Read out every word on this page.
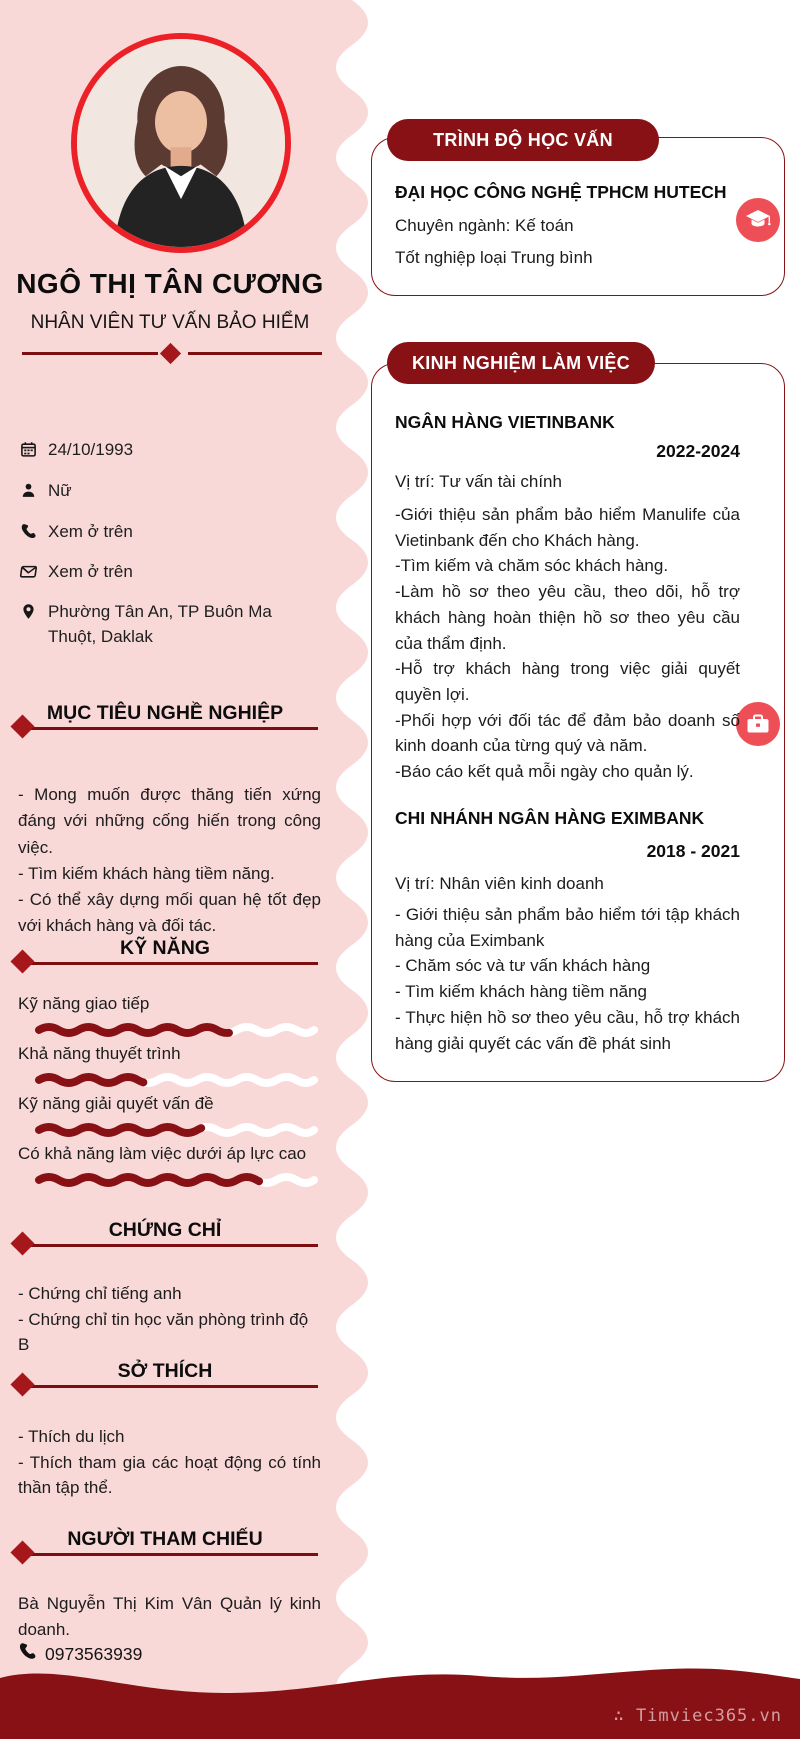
NGÔ THỊ TÂN CƯƠNG
NHÂN VIÊN TƯ VẤN BẢO HIỂM
24/10/1993
Nữ
Xem ở trên
Xem ở trên
Phường Tân An, TP Buôn Ma Thuột, Daklak
MỤC TIÊU NGHỀ NGHIỆP
- Mong muốn được thăng tiến xứng đáng với những cống hiến trong công việc.
- Tìm kiếm khách hàng tiềm năng.
- Có thể xây dựng mối quan hệ tốt đẹp với khách hàng và đối tác.
KỸ NĂNG
Kỹ năng giao tiếp
Khả năng thuyết trình
Kỹ năng giải quyết vấn đề
Có khả năng làm việc dưới áp lực cao
CHỨNG CHỈ
- Chứng chỉ tiếng anh
- Chứng chỉ tin học văn phòng trình độ B
SỞ THÍCH
- Thích du lịch
- Thích tham gia các hoạt động có tính thần tập thể.
NGƯỜI THAM CHIẾU
Bà Nguyễn Thị Kim Vân Quản lý kinh doanh.
0973563939
TRÌNH ĐỘ HỌC VẤN
ĐẠI HỌC CÔNG NGHỆ TPHCM HUTECH
Chuyên ngành: Kế toán
Tốt nghiệp loại Trung bình
KINH NGHIỆM LÀM VIỆC
NGÂN HÀNG VIETINBANK
2022-2024
Vị trí: Tư vấn tài chính
-Giới thiệu sản phẩm bảo hiểm Manulife của Vietinbank đến cho Khách hàng.
-Tìm kiếm và chăm sóc khách hàng.
-Làm hồ sơ theo yêu cầu, theo dõi, hỗ trợ khách hàng hoàn thiện hồ sơ theo yêu cầu của thẩm định.
-Hỗ trợ khách hàng trong việc giải quyết quyền lợi.
-Phối hợp với đối tác để đảm bảo doanh số kinh doanh của từng quý và năm.
-Báo cáo kết quả mỗi ngày cho quản lý.
CHI NHÁNH NGÂN HÀNG EXIMBANK
2018 - 2021
Vị trí: Nhân viên kinh doanh
- Giới thiệu sản phẩm bảo hiểm tới tập khách hàng của Eximbank
- Chăm sóc và tư vấn khách hàng
- Tìm kiếm khách hàng tiềm năng
- Thực hiện hồ sơ theo yêu cầu, hỗ trợ khách hàng giải quyết các vấn đề phát sinh
∴ Timviec365.vn
